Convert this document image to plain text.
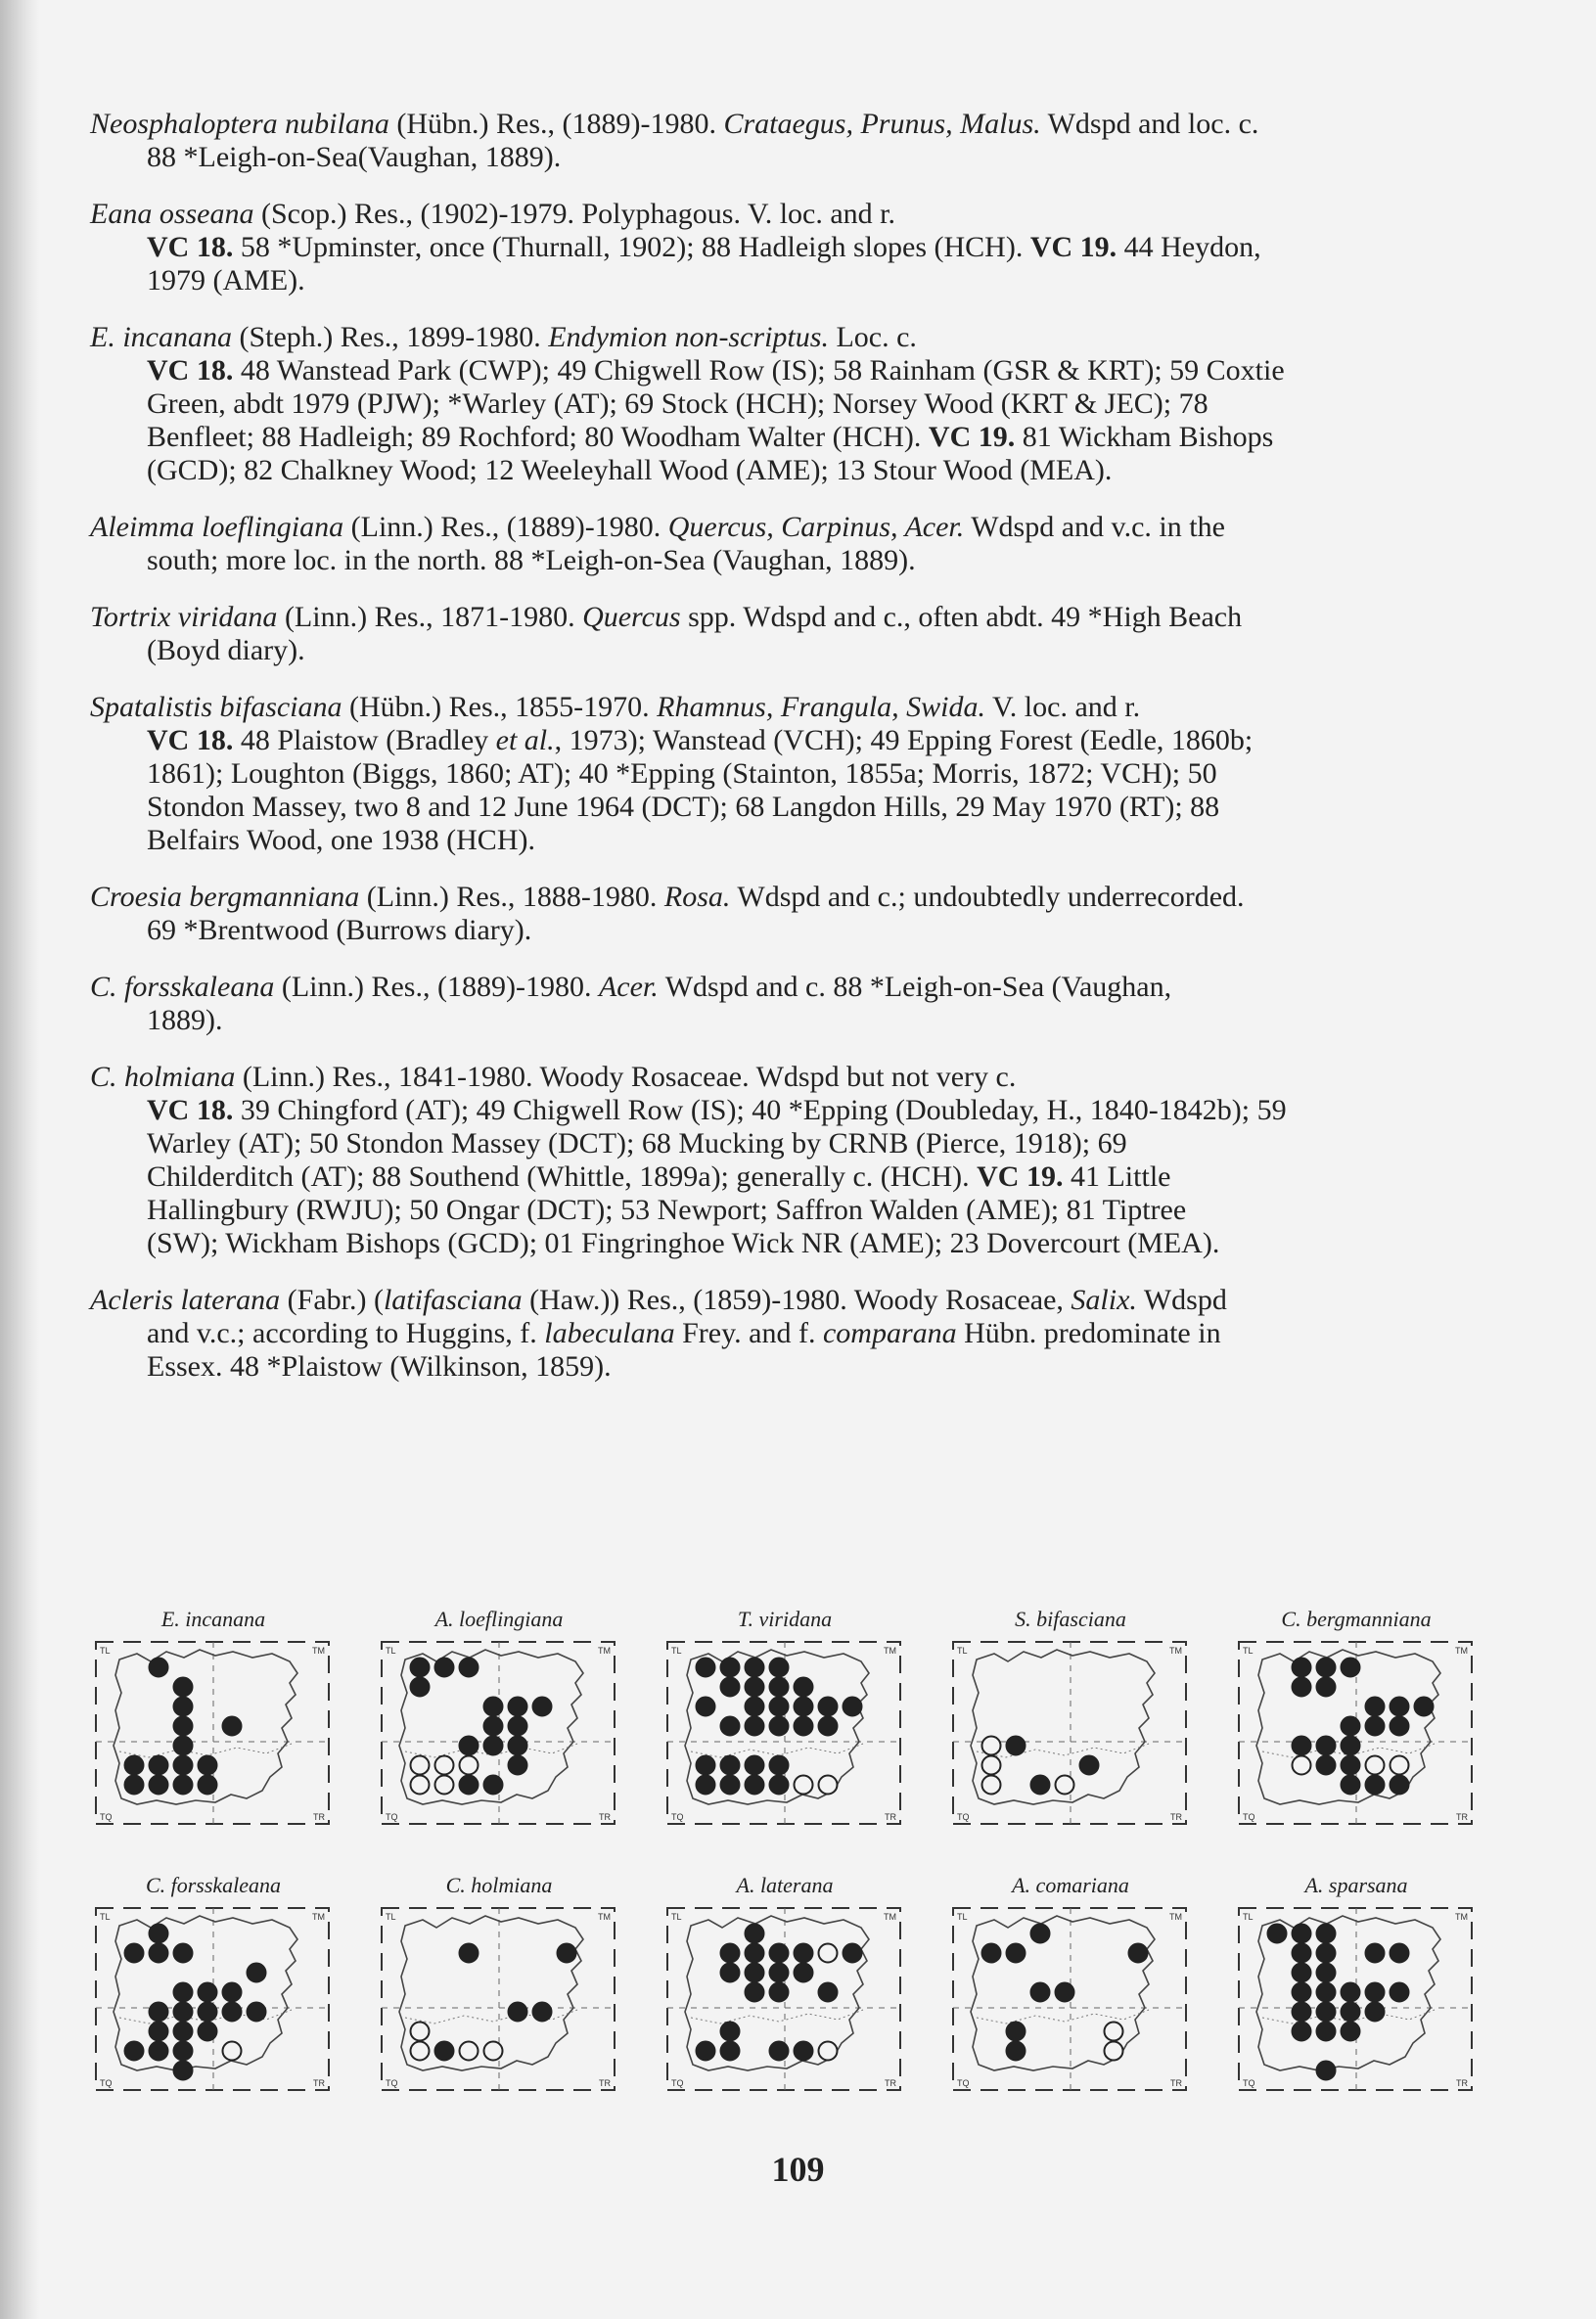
Neosphaloptera nubilana (Hübn.) Res., (1889)-1980. Crataegus, Prunus, Malus. Wdspd and loc. c.

88 *Leigh-on-Sea(Vaughan, 1889).

Eana osseana (Scop.) Res., (1902)-1979. Polyphagous. V. loc. and r.

VC 18. 58 *Upminster, once (Thurnall, 1902); 88 Hadleigh slopes (HCH). VC 19. 44 Heydon,

1979 (AME).

E. incanana (Steph.) Res., 1899-1980. Endymion non-scriptus. Loc. c.

VC 18. 48 Wanstead Park (CWP); 49 Chigwell Row (IS); 58 Rainham (GSR & KRT); 59 Coxtie

Green, abdt 1979 (PJW); *Warley (AT); 69 Stock (HCH); Norsey Wood (KRT & JEC); 78

Benfleet; 88 Hadleigh; 89 Rochford; 80 Woodham Walter (HCH). VC 19. 81 Wickham Bishops

(GCD); 82 Chalkney Wood; 12 Weeleyhall Wood (AME); 13 Stour Wood (MEA).

Aleimma loeflingiana (Linn.) Res., (1889)-1980. Quercus, Carpinus, Acer. Wdspd and v.c. in the

south; more loc. in the north. 88 *Leigh-on-Sea (Vaughan, 1889).

Tortrix viridana (Linn.) Res., 1871-1980. Quercus spp. Wdspd and c., often abdt. 49 *High Beach

(Boyd diary).

Spatalistis bifasciana (Hübn.) Res., 1855-1970. Rhamnus, Frangula, Swida. V. loc. and r.

VC 18. 48 Plaistow (Bradley et al., 1973); Wanstead (VCH); 49 Epping Forest (Eedle, 1860b;

1861); Loughton (Biggs, 1860; AT); 40 *Epping (Stainton, 1855a; Morris, 1872; VCH); 50

Stondon Massey, two 8 and 12 June 1964 (DCT); 68 Langdon Hills, 29 May 1970 (RT); 88

Belfairs Wood, one 1938 (HCH).

Croesia bergmanniana (Linn.) Res., 1888-1980. Rosa. Wdspd and c.; undoubtedly underrecorded.

69 *Brentwood (Burrows diary).

C. forsskaleana (Linn.) Res., (1889)-1980. Acer. Wdspd and c. 88 *Leigh-on-Sea (Vaughan,

1889).

C. holmiana (Linn.) Res., 1841-1980. Woody Rosaceae. Wdspd but not very c.

VC 18. 39 Chingford (AT); 49 Chigwell Row (IS); 40 *Epping (Doubleday, H., 1840-1842b); 59

Warley (AT); 50 Stondon Massey (DCT); 68 Mucking by CRNB (Pierce, 1918); 69

Childerditch (AT); 88 Southend (Whittle, 1899a); generally c. (HCH). VC 19. 41 Little

Hallingbury (RWJU); 50 Ongar (DCT); 53 Newport; Saffron Walden (AME); 81 Tiptree

(SW); Wickham Bishops (GCD); 01 Fingringhoe Wick NR (AME); 23 Dovercourt (MEA).

Acleris laterana (Fabr.) (latifasciana (Haw.)) Res., (1859)-1980. Woody Rosaceae, Salix. Wdspd

and v.c.; according to Huggins, f. labeculana Frey. and f. comparana Hübn. predominate in

Essex. 48 *Plaistow (Wilkinson, 1859).

E. incanana
TL	TM
TQ	TR
A. loeflingiana
TL	TM
TQ	TR
T. viridana
TL	TM
TQ	TR
S. bifasciana
TL	TM
TQ	TR
C. bergmanniana
TL	TM
TQ	TR
C. forsskaleana
TL	TM
TQ	TR
C. holmiana
TL	TM
TQ	TR
A. laterana
TL	TM
TQ	TR
A. comariana
TL	TM
TQ	TR
A. sparsana
TL	TM
TQ	TR
109
